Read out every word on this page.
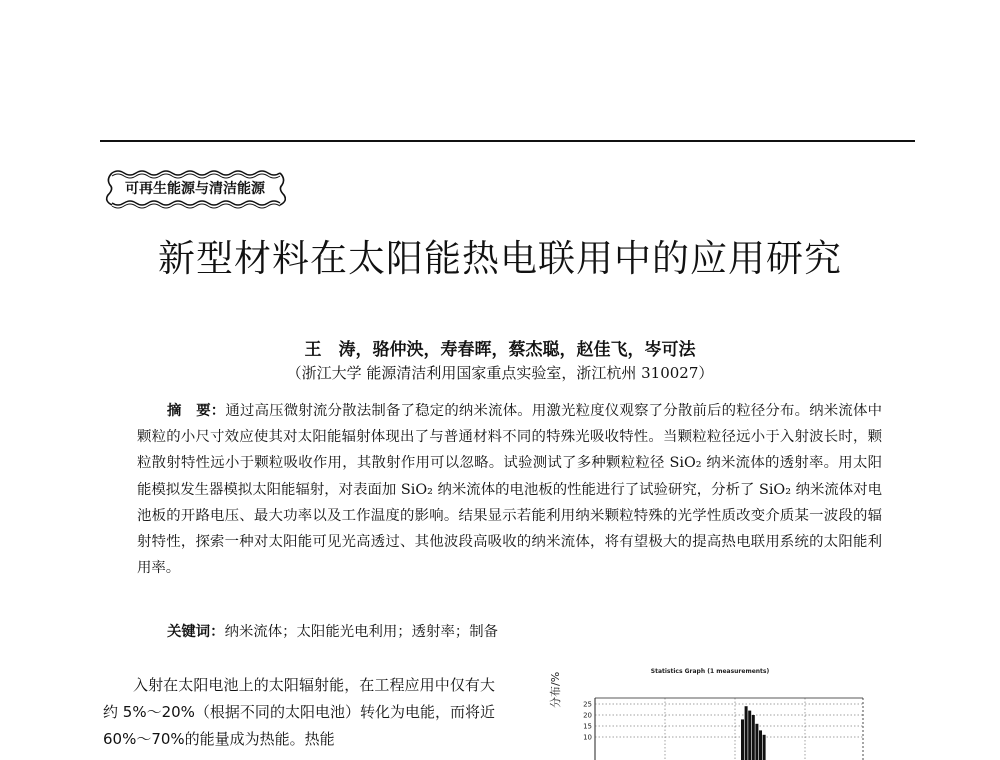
可再生能源与清洁能源
新型材料在太阳能热电联用中的应用研究
王　涛，骆仲泱，寿春晖，蔡杰聪，赵佳飞，岑可法
（浙江大学 能源清洁利用国家重点实验室，浙江杭州 310027）
摘　要：通过高压微射流分散法制备了稳定的纳米流体。用激光粒度仪观察了分散前后的粒径分布。纳米流体中颗粒的小尺寸效应使其对太阳能辐射体现出了与普通材料不同的特殊光吸收特性。当颗粒粒径远小于入射波长时，颗粒散射特性远小于颗粒吸收作用，其散射作用可以忽略。试验测试了多种颗粒粒径 SiO₂ 纳米流体的透射率。用太阳能模拟发生器模拟太阳能辐射，对表面加 SiO₂ 纳米流体的电池板的性能进行了试验研究，分析了 SiO₂ 纳米流体对电池板的开路电压、最大功率以及工作温度的影响。结果显示若能利用纳米颗粒特殊的光学性质改变介质某一波段的辐射特性，探索一种对太阳能可见光高透过、其他波段高吸收的纳米流体，将有望极大的提高热电联用系统的太阳能利用率。
关键词：纳米流体；太阳能光电利用；透射率；制备
入射在太阳电池上的太阳辐射能，在工程应用中仅有大约 5%～20%（根据不同的太阳电池）转化为电能，而将近 60%～70%的能量成为热能。热能
25
20
15
10
Statistics Graph (1 measurements)
分布/%
